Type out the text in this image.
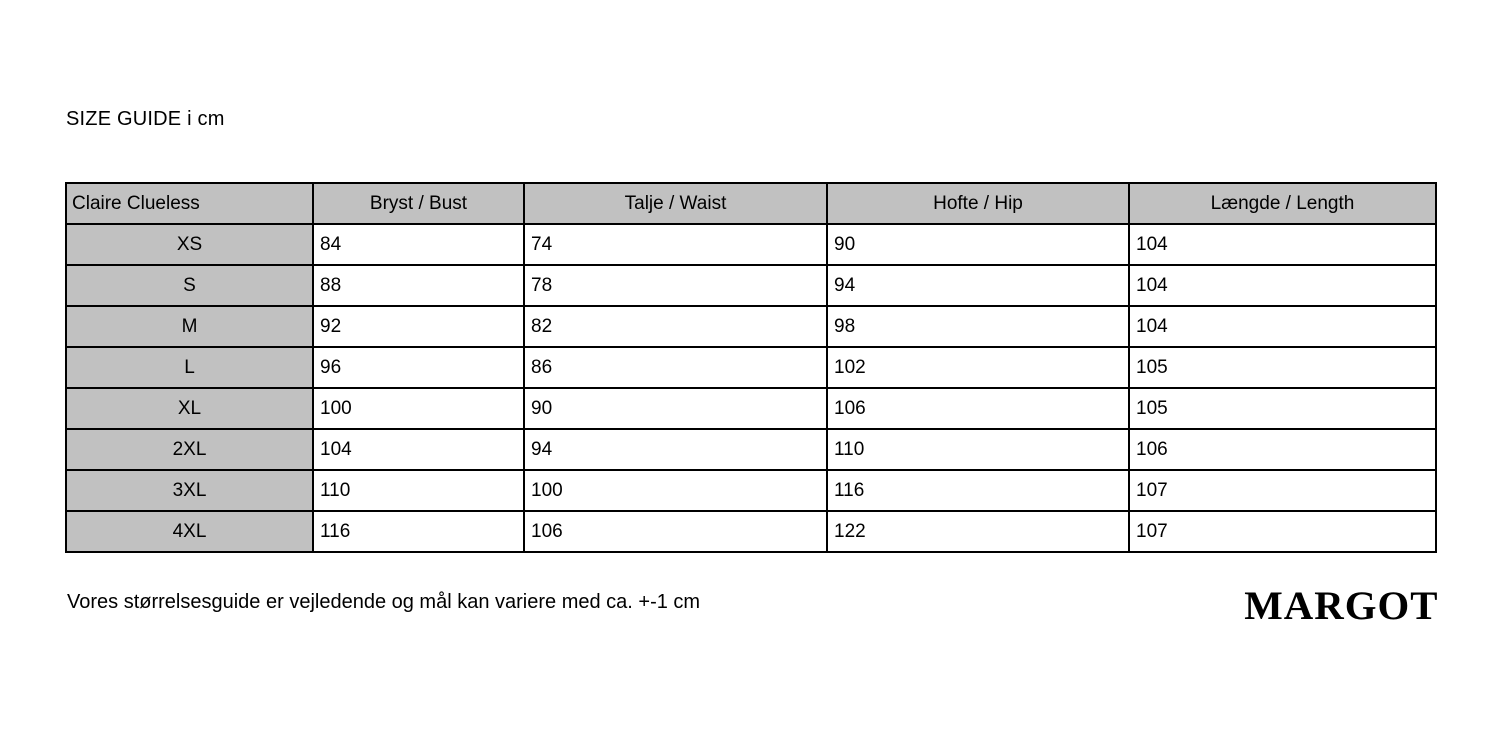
SIZE GUIDE i cm
Claire Clueless	Bryst / Bust	Talje / Waist	Hofte / Hip	Længde / Length
XS	84	74	90	104
S	88	78	94	104
M	92	82	98	104
L	96	86	102	105
XL	100	90	106	105
2XL	104	94	110	106
3XL	110	100	116	107
4XL	116	106	122	107
Vores størrelsesguide er vejledende og mål kan variere med ca. +-1 cm	MARGOT
